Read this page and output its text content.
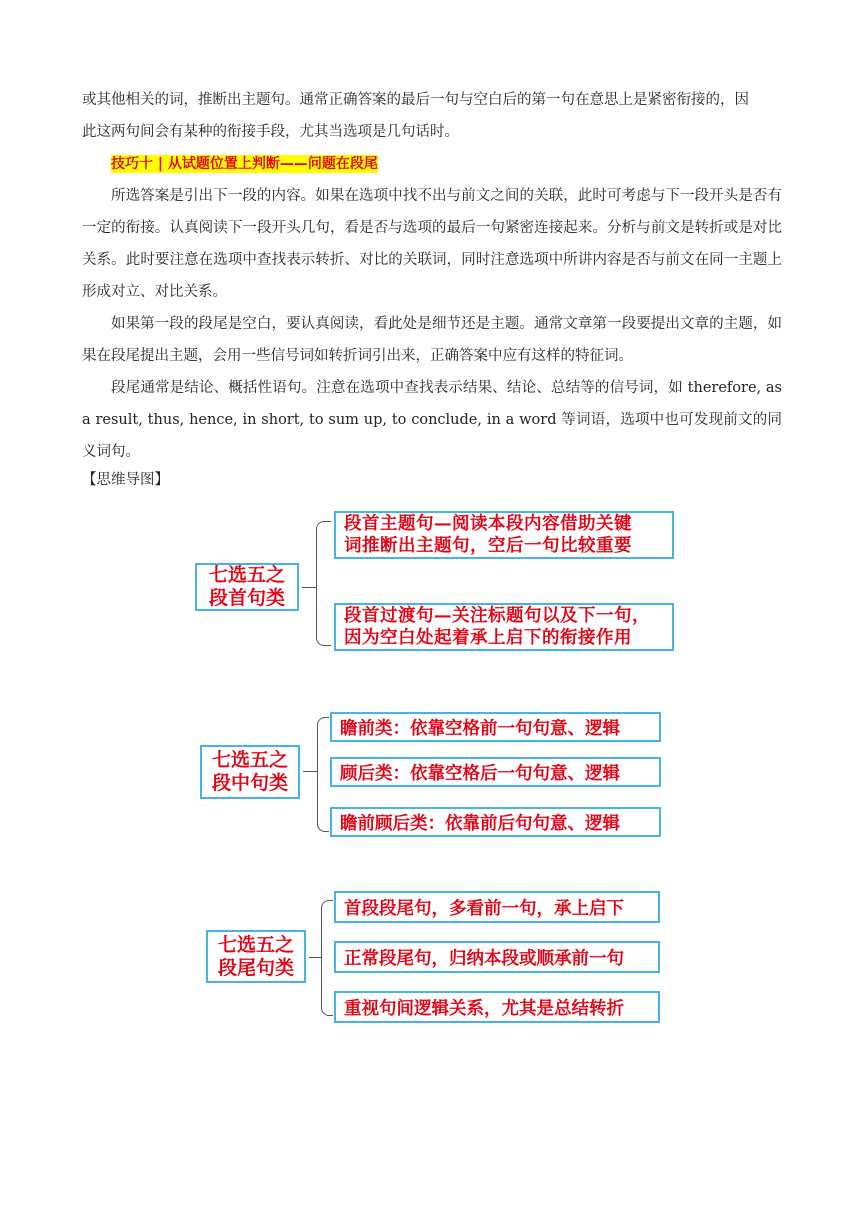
或其他相关的词，推断出主题句。通常正确答案的最后一句与空白后的第一句在意思上是紧密衔接的，因
此这两句间会有某种的衔接手段，尤其当选项是几句话时。

技巧十 | 从试题位置上判断——问题在段尾

所选答案是引出下一段的内容。如果在选项中找不出与前文之间的关联，此时可考虑与下一段开头是否有一定的衔接。认真阅读下一段开头几句，看是否与选项的最后一句紧密连接起来。分析与前文是转折或是对比关系。此时要注意在选项中查找表示转折、对比的关联词，同时注意选项中所讲内容是否与前文在同一主题上形成对立、对比关系。

如果第一段的段尾是空白，要认真阅读，看此处是细节还是主题。通常文章第一段要提出文章的主题，如果在段尾提出主题，会用一些信号词如转折词引出来，正确答案中应有这样的特征词。

段尾通常是结论、概括性语句。注意在选项中查找表示结果、结论、总结等的信号词，如 therefore, as a result, thus, hence, in short, to sum up, to conclude, in a word 等词语，选项中也可发现前文的同义词句。

【思维导图】
七选五之
段首句类
段首主题句—阅读本段内容借助关键
词推断出主题句，空后一句比较重要
段首过渡句—关注标题句以及下一句，
因为空白处起着承上启下的衔接作用
七选五之
段中句类
瞻前类：依靠空格前一句句意、逻辑
顾后类：依靠空格后一句句意、逻辑
瞻前顾后类：依靠前后句句意、逻辑
七选五之
段尾句类
首段段尾句，多看前一句，承上启下
正常段尾句，归纳本段或顺承前一句
重视句间逻辑关系，尤其是总结转折
